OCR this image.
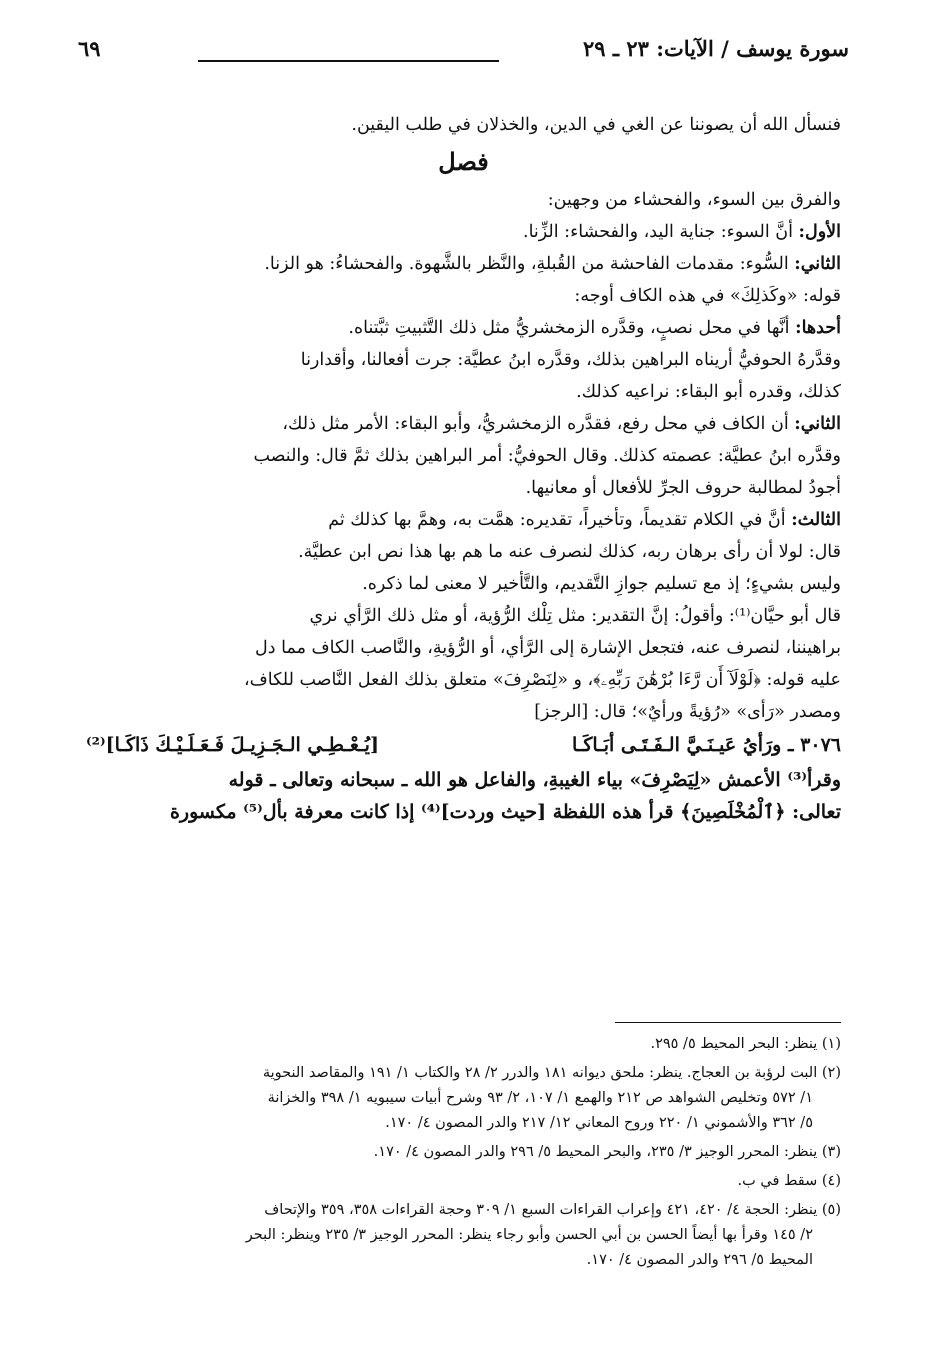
سورة يوسف / الآيات: ٢٣ ـ ٢٩
٦٩

فنسأل الله أن يصوننا عن الغي في الدين، والخذلان في طلب اليقين.

فصل

والفرق بين السوء، والفحشاء من وجهين:

الأول: أنَّ السوء: جناية اليد، والفحشاء: الزِّنا.

الثاني: السُّوء: مقدمات الفاحشة من القُبلةِ، والنَّظر بالشَّهوة. والفحشاءُ: هو الزنا.

قوله: «وكَذلِكَ» في هذه الكاف أوجه:

أحدها: أنَّها في محل نصبٍ، وقدَّره الزمخشريُّ مثل ذلك التَّثبيتِ ثبَّتناه.

وقدَّرهُ الحوفيُّ أريناه البراهين بذلك، وقدَّره ابنُ عطيَّة: جرت أفعالنا، وأقدارنا

كذلك، وقدره أبو البقاء: نراعيه كذلك.

الثاني: أن الكاف في محل رفع، فقدَّره الزمخشريُّ، وأبو البقاء: الأمر مثل ذلك،

وقدَّره ابنُ عطيَّة: عصمته كذلك. وقال الحوفيُّ: أمر البراهين بذلك ثمَّ قال: والنصب

أجودُ لمطالبة حروف الجرِّ للأفعال أو معانيها.

الثالث: أنَّ في الكلام تقديماً، وتأخيراً، تقديره: همَّت به، وهمَّ بها كذلك ثم

قال: لولا أن رأى برهان ربه، كذلك لنصرف عنه ما هم بها هذا نص ابن عطيَّة.

وليس بشيءٍ؛ إذ مع تسليم جوازِ التَّقديم، والتَّأخير لا معنى لما ذكره.

قال أبو حيَّان⁽¹⁾: وأقولُ: إنَّ التقدير: مثل تِلْك الرُّؤية، أو مثل ذلك الرَّأي نري

براهيننا، لنصرف عنه، فتجعل الإشارة إلى الرَّأي، أو الرُّؤيةِ، والنَّاصب الكاف مما دل

عليه قوله: ﴿لَوْلَآ أَن رَّءَا بُرْهَٰنَ رَبِّهِۦ﴾، و «لِنَصْرِفَ» متعلق بذلك الفعل النَّاصب للكاف،

ومصدر «رَأى» «رُؤيةً ورأيٌ»؛ قال: [الرجز]

٣٠٧٦ ـ ورَأيُ عَيـنَـيَّ الـفَـتَـى أبَـاكَـا
[يُـعْـطِـي الـجَـزِيـلَ فَـعَـلَـيْـكَ ذَاكَـا]⁽²⁾

وقرأ⁽³⁾ الأعمش «لِيَصْرِفَ» بياء الغيبةِ، والفاعل هو الله ـ سبحانه وتعالى ـ قوله

تعالى: ﴿ٱلْمُخْلَصِينَ﴾ قرأ هذه اللفظة [حيث وردت]⁽⁴⁾ إذا كانت معرفة بأل⁽⁵⁾ مكسورة

(١) ينظر: البحر المحيط ٥/ ٢٩٥.

(٢) البت لرؤبة بن العجاج. ينظر: ملحق ديوانه ١٨١ والدرر ٢/ ٢٨ والكتاب ١/ ١٩١ والمقاصد النحوية
١/ ٥٧٢ وتخليص الشواهد ص ٢١٢ والهمع ١/ ١٠٧، ٢/ ٩٣ وشرح أبيات سيبويه ١/ ٣٩٨ والخزانة
٥/ ٣٦٢ والأشموني ١/ ٢٢٠ وروح المعاني ١٢/ ٢١٧ والدر المصون ٤/ ١٧٠.

(٣) ينظر: المحرر الوجيز ٣/ ٢٣٥، والبحر المحيط ٥/ ٢٩٦ والدر المصون ٤/ ١٧٠.

(٤) سقط في ب.

(٥) ينظر: الحجة ٤/ ٤٢٠، ٤٢١ وإعراب القراءات السبع ١/ ٣٠٩ وحجة القراءات ٣٥٨، ٣٥٩ والإتحاف
٢/ ١٤٥ وقرأ بها أيضاً الحسن بن أبي الحسن وأبو رجاء ينظر: المحرر الوجيز ٣/ ٢٣٥ وينظر: البحر
المحيط ٥/ ٢٩٦ والدر المصون ٤/ ١٧٠.
